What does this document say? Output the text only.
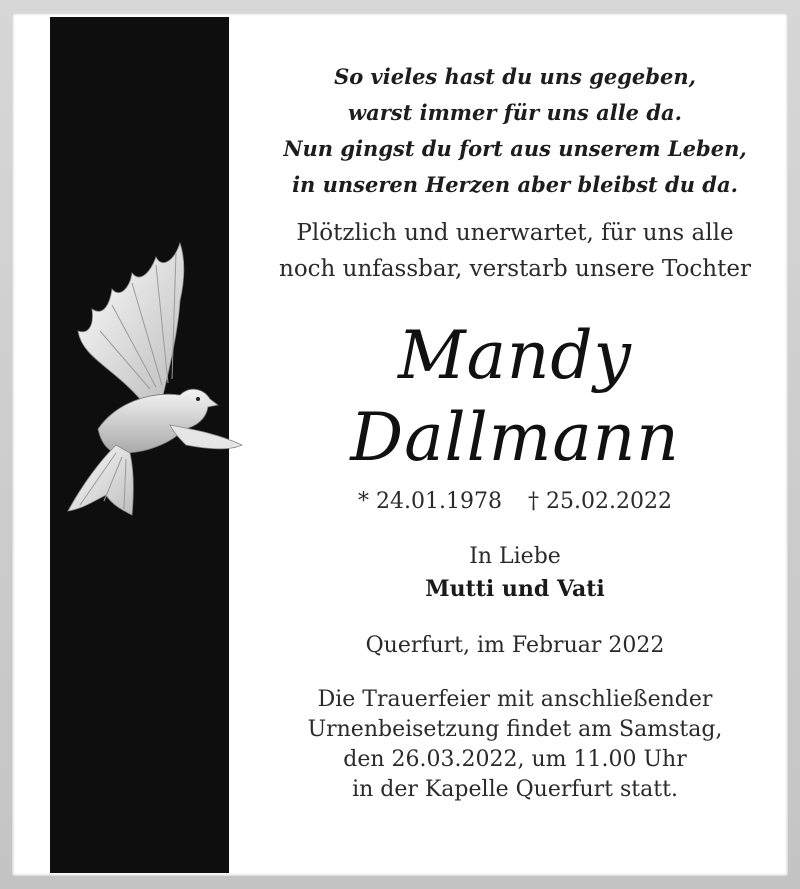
So vieles hast du uns gegeben,
warst immer für uns alle da.
Nun gingst du fort aus unserem Leben,
in unseren Herzen aber bleibst du da.
Plötzlich und unerwartet, für uns alle
noch unfassbar, verstarb unsere Tochter
Mandy
Dallmann
* 24.01.1978 † 25.02.2022
In Liebe
Mutti und Vati
Querfurt, im Februar 2022
Die Trauerfeier mit anschließender
Urnenbeisetzung findet am Samstag,
den 26.03.2022, um 11.00 Uhr
in der Kapelle Querfurt statt.
